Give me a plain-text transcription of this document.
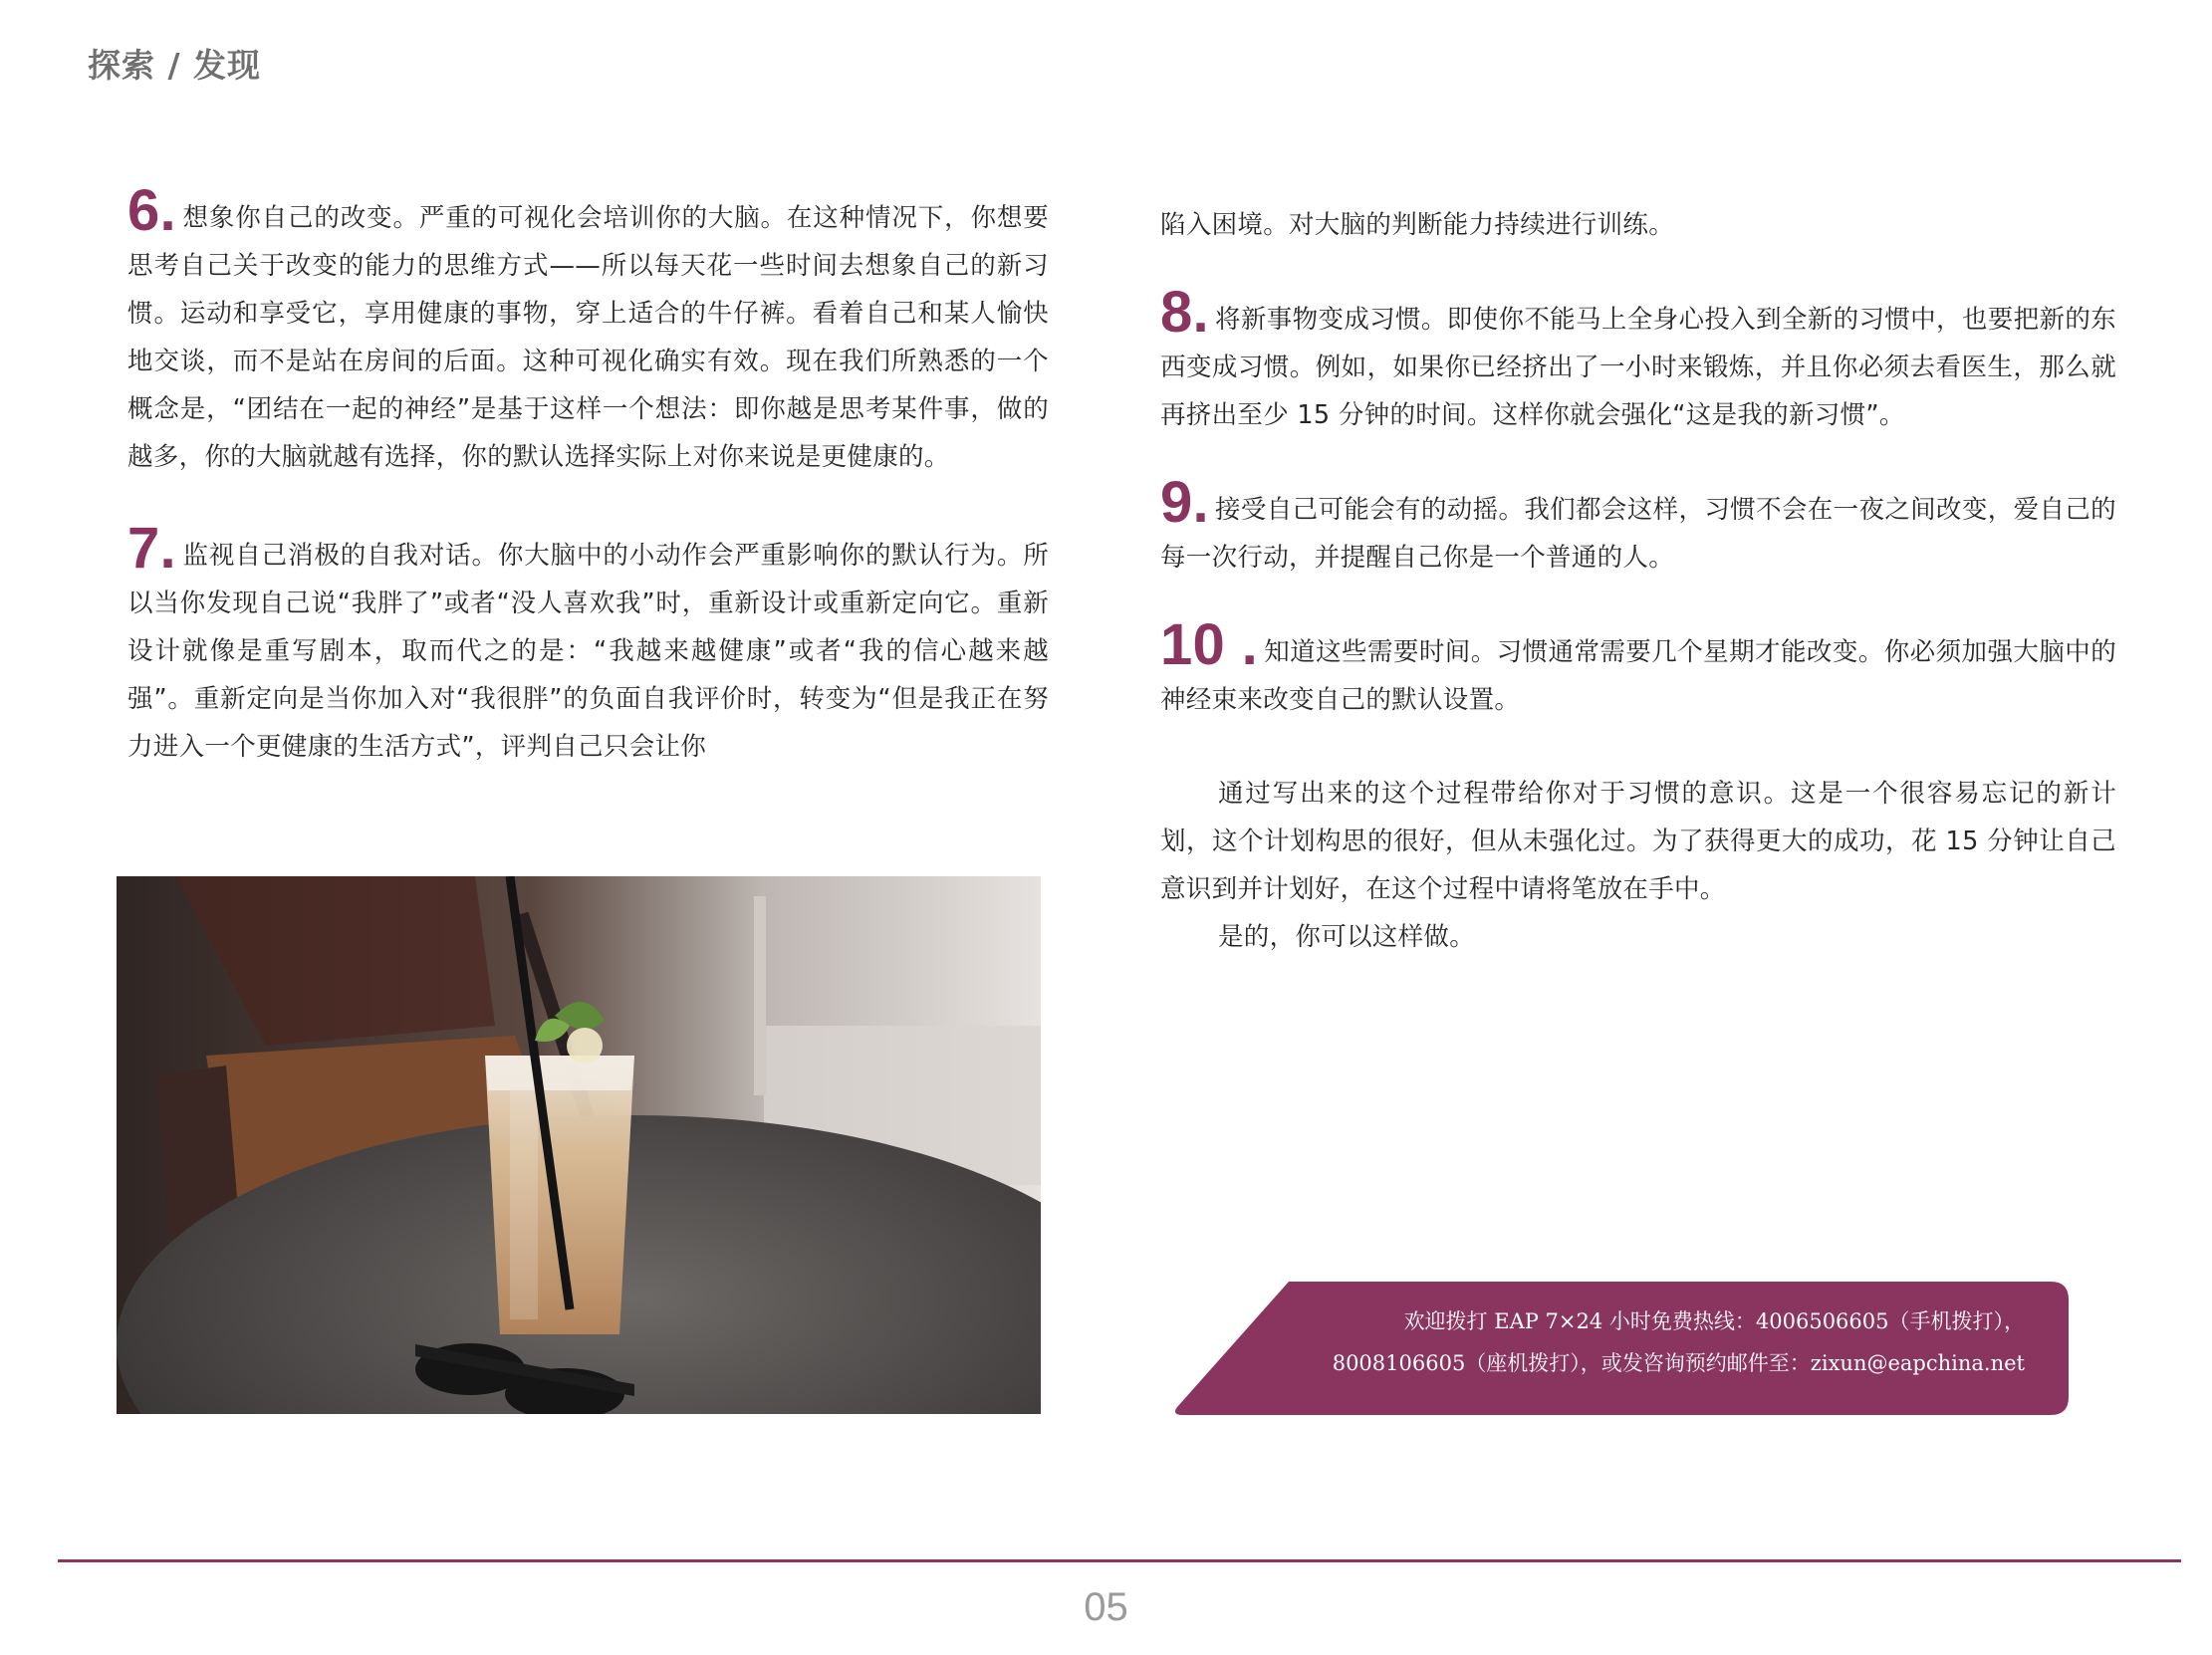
探索 / 发现

6. 想象你自己的改变。严重的可视化会培训你的大脑。在这种情况下，你想要思考自己关于改变的能力的思维方式——所以每天花一些时间去想象自己的新习惯。运动和享受它，享用健康的事物，穿上适合的牛仔裤。看着自己和某人愉快地交谈，而不是站在房间的后面。这种可视化确实有效。现在我们所熟悉的一个概念是，“团结在一起的神经”是基于这样一个想法：即你越是思考某件事，做的越多，你的大脑就越有选择，你的默认选择实际上对你来说是更健康的。

7. 监视自己消极的自我对话。你大脑中的小动作会严重影响你的默认行为。所以当你发现自己说“我胖了”或者“没人喜欢我”时，重新设计或重新定向它。重新设计就像是重写剧本，取而代之的是：“我越来越健康”或者“我的信心越来越强”。重新定向是当你加入对“我很胖”的负面自我评价时，转变为“但是我正在努力进入一个更健康的生活方式”，评判自己只会让你

陷入困境。对大脑的判断能力持续进行训练。

8. 将新事物变成习惯。即使你不能马上全身心投入到全新的习惯中，也要把新的东西变成习惯。例如，如果你已经挤出了一小时来锻炼，并且你必须去看医生，那么就再挤出至少 15 分钟的时间。这样你就会强化“这是我的新习惯”。

9. 接受自己可能会有的动摇。我们都会这样，习惯不会在一夜之间改变，爱自己的每一次行动，并提醒自己你是一个普通的人。

10 . 知道这些需要时间。习惯通常需要几个星期才能改变。你必须加强大脑中的神经束来改变自己的默认设置。

通过写出来的这个过程带给你对于习惯的意识。这是一个很容易忘记的新计划，这个计划构思的很好，但从未强化过。为了获得更大的成功，花 15 分钟让自己意识到并计划好，在这个过程中请将笔放在手中。

是的，你可以这样做。

欢迎拨打 EAP 7×24 小时免费热线：4006506605（手机拨打），
8008106605（座机拨打），或发咨询预约邮件至：zixun@eapchina.net
05
